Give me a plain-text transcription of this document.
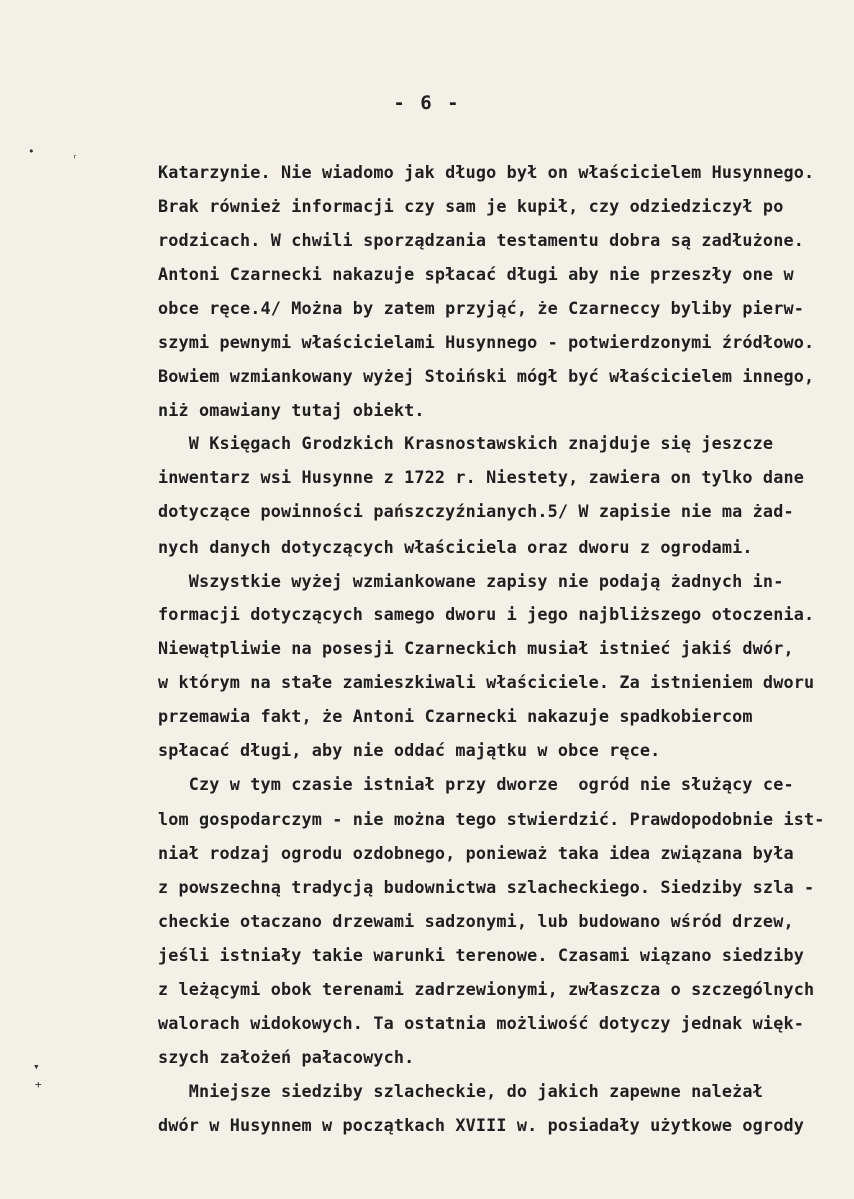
- 6 -
•
ʳ
▾
+
Katarzynie. Nie wiadomo jak długo był on właścicielem Husynnego.
Brak również informacji czy sam je kupił, czy odziedziczył po
rodzicach. W chwili sporządzania testamentu dobra są zadłużone.
Antoni Czarnecki nakazuje spłacać długi aby nie przeszły one w
obce ręce.4/ Można by zatem przyjąć, że Czarneccy byliby pierw-
szymi pewnymi właścicielami Husynnego - potwierdzonymi źródłowo.
Bowiem wzmiankowany wyżej Stoiński mógł być właścicielem innego,
niż omawiany tutaj obiekt.
W Księgach Grodzkich Krasnostawskich znajduje się jeszcze
inwentarz wsi Husynne z 1722 r. Niestety, zawiera on tylko dane
dotyczące powinności pańszczyźnianych.5/ W zapisie nie ma żad-
nych danych dotyczących właściciela oraz dworu z ogrodami.
Wszystkie wyżej wzmiankowane zapisy nie podają żadnych in-
formacji dotyczących samego dworu i jego najbliższego otoczenia.
Niewątpliwie na posesji Czarneckich musiał istnieć jakiś dwór,
w którym na stałe zamieszkiwali właściciele. Za istnieniem dworu
przemawia fakt, że Antoni Czarnecki nakazuje spadkobiercom
spłacać długi, aby nie oddać majątku w obce ręce.
Czy w tym czasie istniał przy dworze  ogród nie służący ce-
lom gospodarczym - nie można tego stwierdzić. Prawdopodobnie ist-
niał rodzaj ogrodu ozdobnego, ponieważ taka idea związana była
z powszechną tradycją budownictwa szlacheckiego. Siedziby szla -
checkie otaczano drzewami sadzonymi, lub budowano wśród drzew,
jeśli istniały takie warunki terenowe. Czasami wiązano siedziby
z leżącymi obok terenami zadrzewionymi, zwłaszcza o szczególnych
walorach widokowych. Ta ostatnia możliwość dotyczy jednak więk-
szych założeń pałacowych.
Mniejsze siedziby szlacheckie, do jakich zapewne należał
dwór w Husynnem w początkach XVIII w. posiadały użytkowe ogrody
